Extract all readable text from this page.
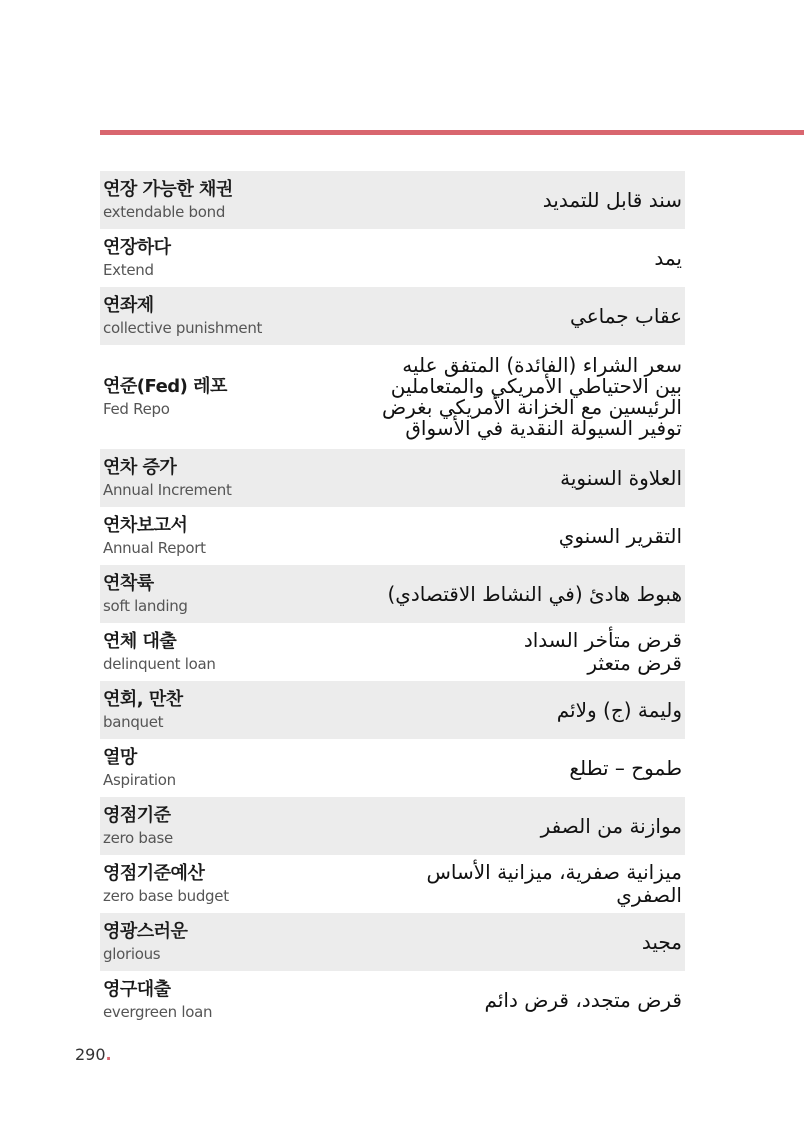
연장 가능한 채권
extendable bond
سند قابل للتمديد
연장하다
Extend
يمد
연좌제
collective punishment
عقاب جماعي
연준(Fed) 레포
Fed Repo
سعر الشراء (الفائدة) المتفق عليه
بين الاحتياطي الأمريكي والمتعاملين
الرئيسين مع الخزانة الأمريكي بغرض
توفير السيولة النقدية في الأسواق
연차 증가
Annual Increment
العلاوة السنوية
연차보고서
Annual Report
التقرير السنوي
연착륙
soft landing
هبوط هادئ (في النشاط الاقتصادي)
연체 대출
delinquent loan
قرض متأخر السداد
قرض متعثر
연회, 만찬
banquet
وليمة (ج) ولائم
열망
Aspiration
طموح – تطلع
영점기준
zero base
موازنة من الصفر
영점기준예산
zero base budget
ميزانية صفرية، ميزانية الأساس
الصفري
영광스러운
glorious
مجيد
영구대출
evergreen loan
قرض متجدد، قرض دائم
290.
